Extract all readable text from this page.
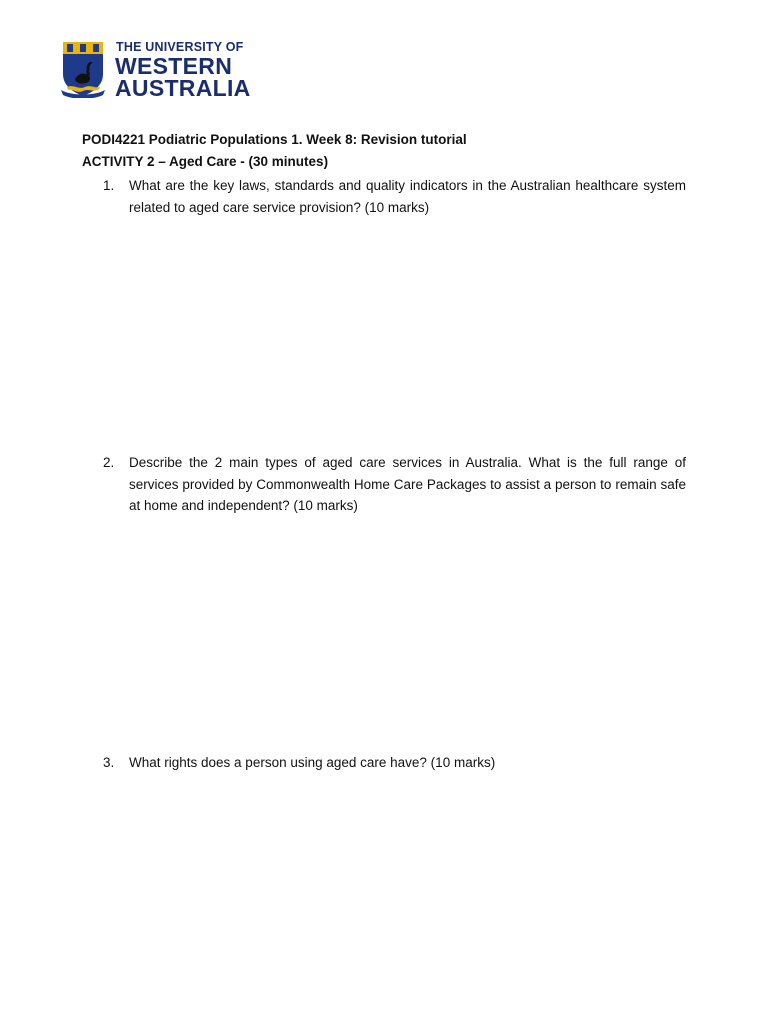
THE UNIVERSITY OF
WESTERN
AUSTRALIA
PODI4221 Podiatric Populations 1. Week 8: Revision tutorial
ACTIVITY 2 – Aged Care - (30 minutes)
1. What are the key laws, standards and quality indicators in the Australian healthcare system related to aged care service provision? (10 marks)
2. Describe the 2 main types of aged care services in Australia. What is the full range of services provided by Commonwealth Home Care Packages to assist a person to remain safe at home and independent? (10 marks)
3. What rights does a person using aged care have? (10 marks)
